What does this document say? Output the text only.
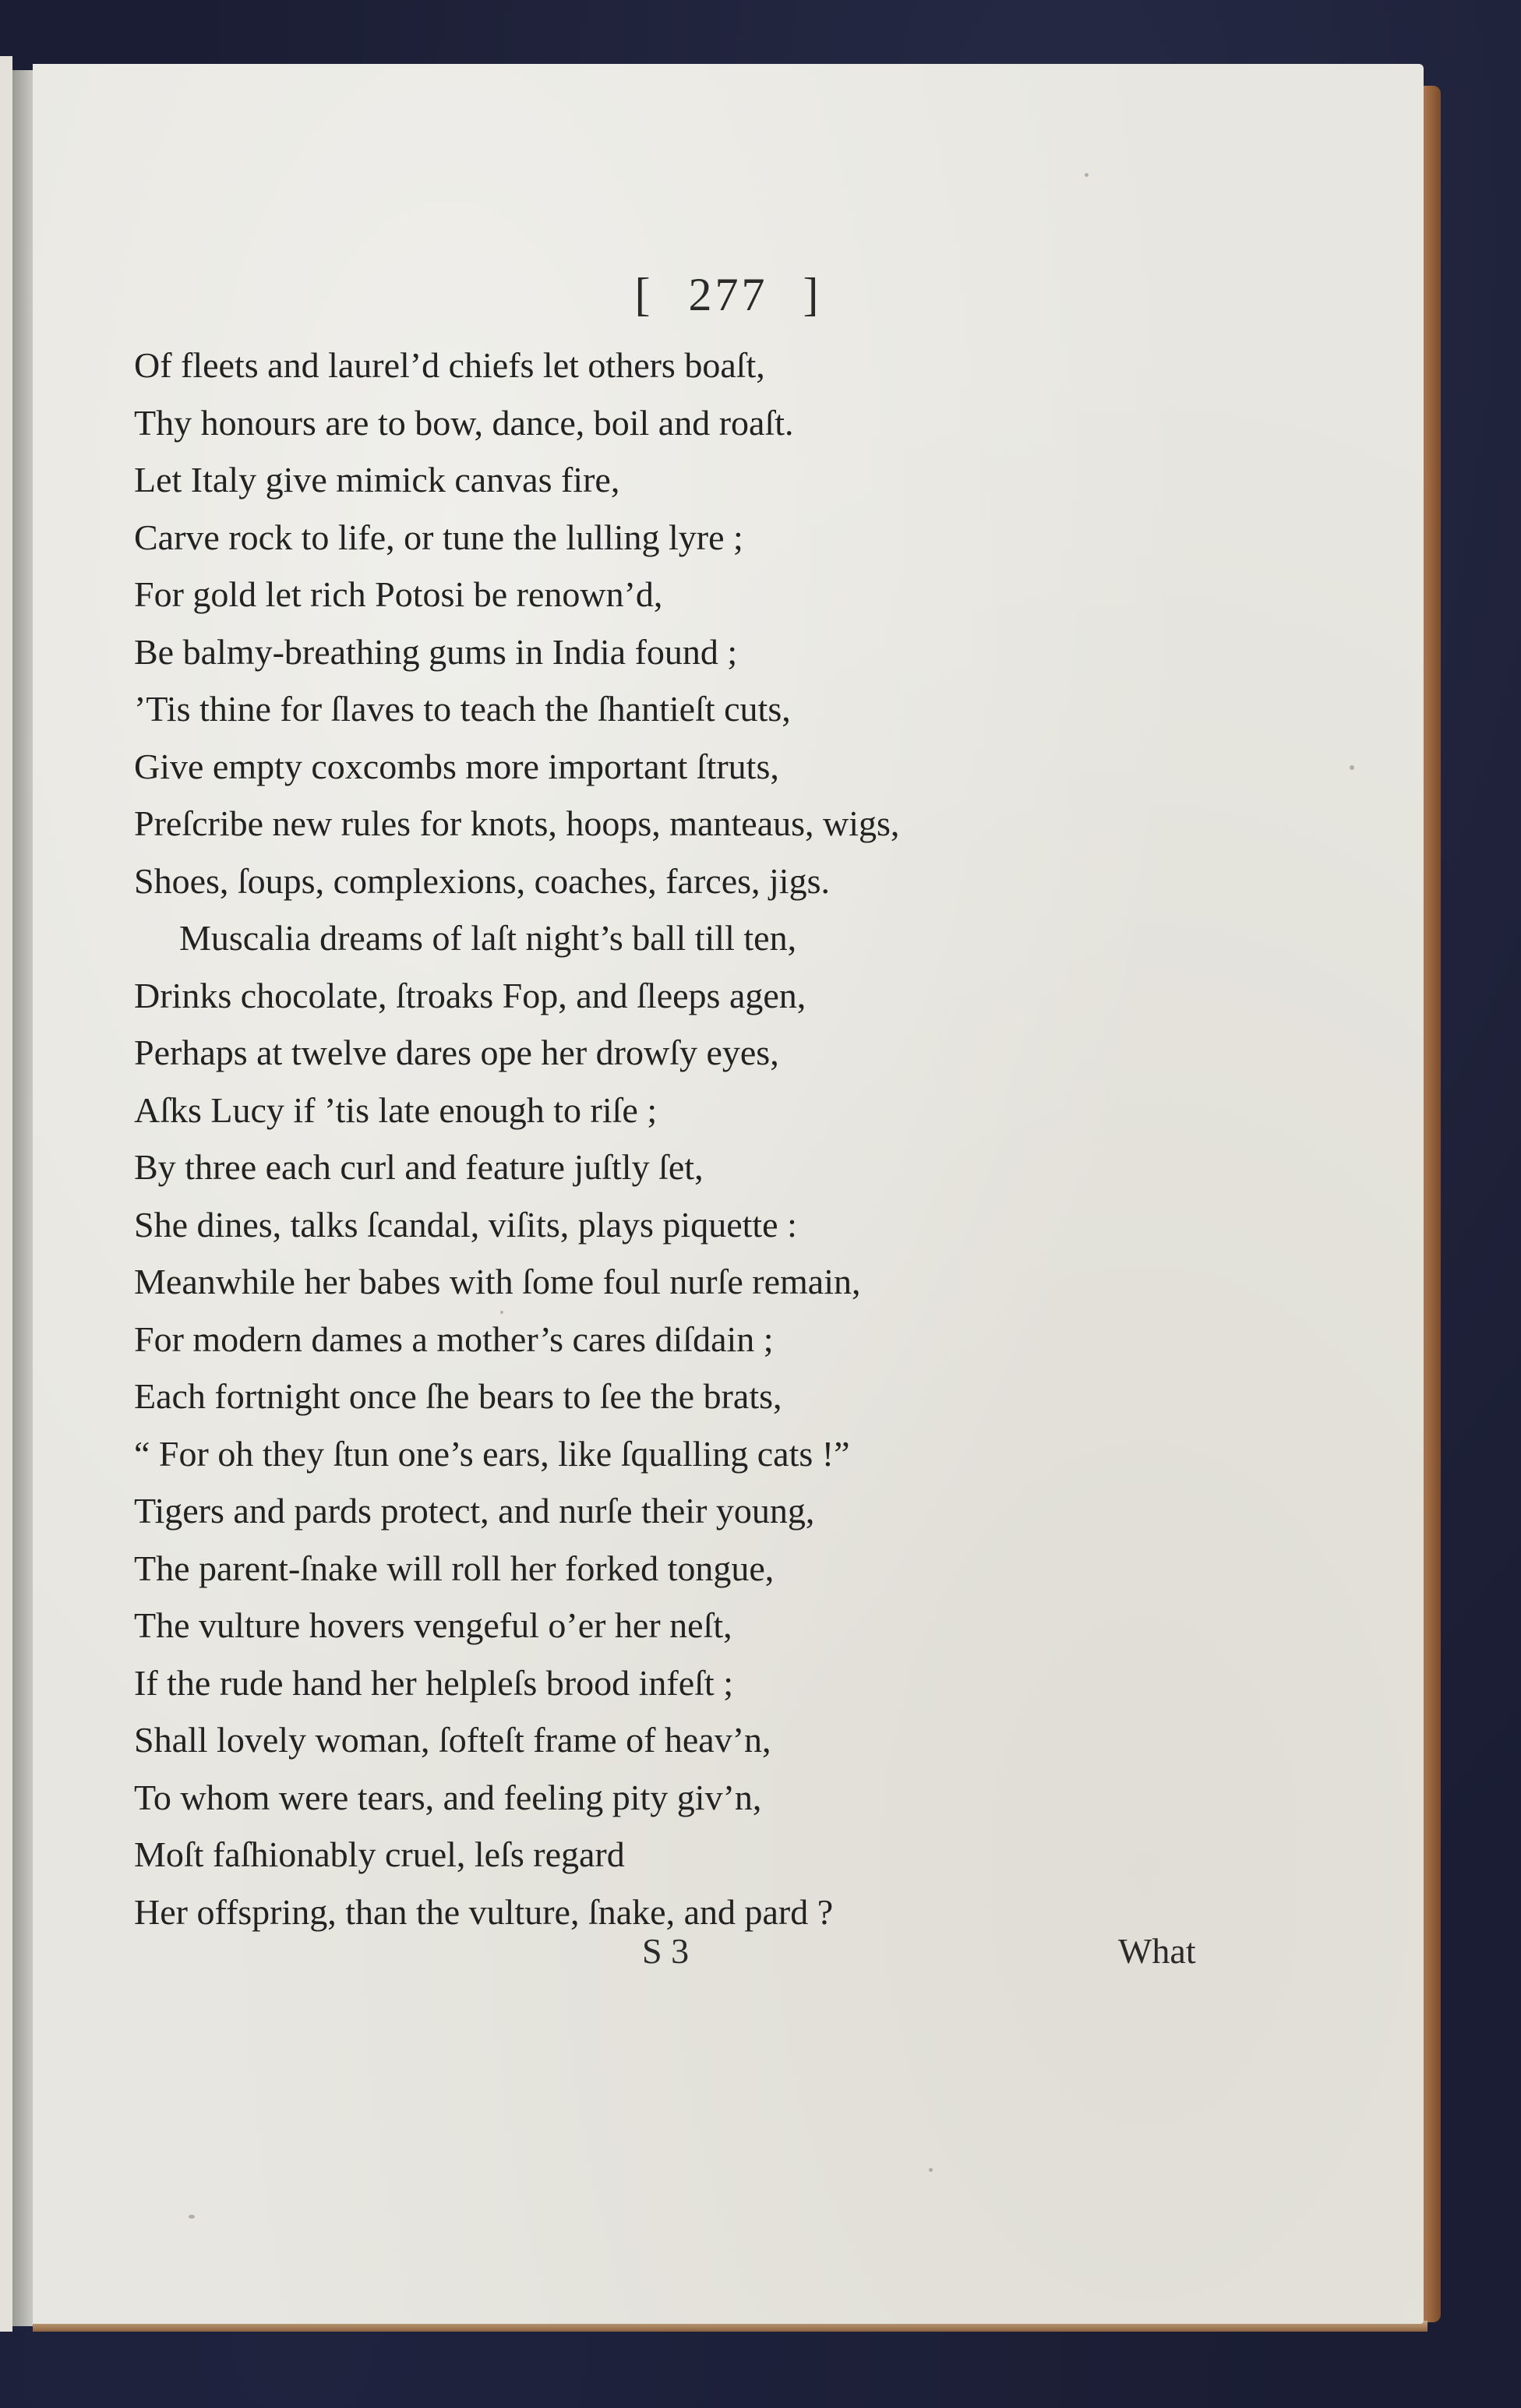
[ 277 ]
Of fleets and laurel’d chiefs let others boaſt,
Thy honours are to bow, dance, boil and roaſt.
Let Italy give mimick canvas fire,
Carve rock to life, or tune the lulling lyre ;
For gold let rich Potosi be renown’d,
Be balmy-breathing gums in India found ;
’Tis thine for ſlaves to teach the ſhantieſt cuts,
Give empty coxcombs more important ſtruts,
Preſcribe new rules for knots, hoops, manteaus, wigs,
Shoes, ſoups, complexions, coaches, farces, jigs.
Muscalia dreams of laſt night’s ball till ten,
Drinks chocolate, ſtroaks Fop, and ſleeps agen,
Perhaps at twelve dares ope her drowſy eyes,
Aſks Lucy if ’tis late enough to riſe ;
By three each curl and feature juſtly ſet,
She dines, talks ſcandal, viſits, plays piquette :
Meanwhile her babes with ſome foul nurſe remain,
For modern dames a mother’s cares diſdain ;
Each fortnight once ſhe bears to ſee the brats,
“ For oh they ſtun one’s ears, like ſqualling cats !”
Tigers and pards protect, and nurſe their young,
The parent-ſnake will roll her forked tongue,
The vulture hovers vengeful o’er her neſt,
If the rude hand her helpleſs brood infeſt ;
Shall lovely woman, ſofteſt frame of heav’n,
To whom were tears, and feeling pity giv’n,
Moſt faſhionably cruel, leſs regard
Her offspring, than the vulture, ſnake, and pard ?
S 3	What
